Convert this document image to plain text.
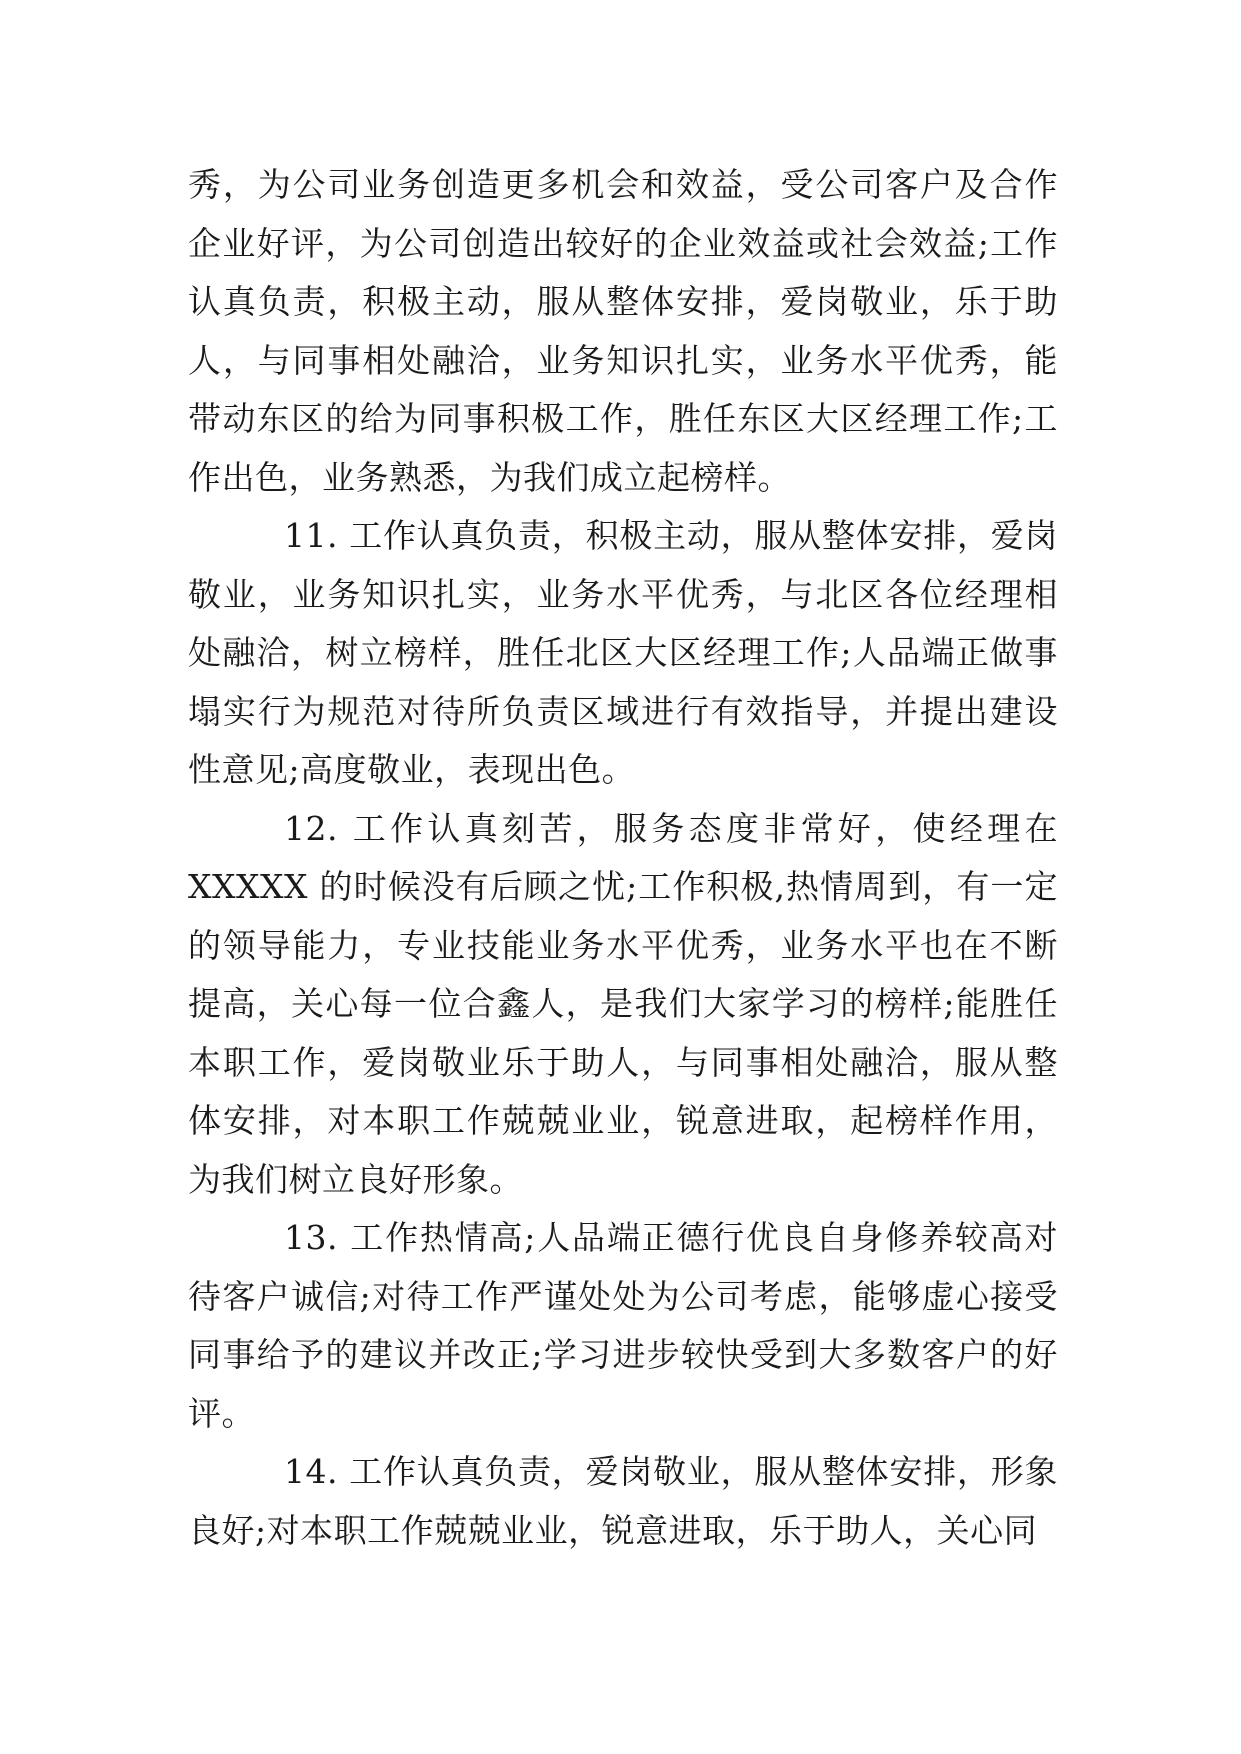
秀，为公司业务创造更多机会和效益，受公司客户及合作企业好评，为公司创造出较好的企业效益或社会效益;工作认真负责，积极主动，服从整体安排，爱岗敬业，乐于助人，与同事相处融洽，业务知识扎实，业务水平优秀，能带动东区的给为同事积极工作，胜任东区大区经理工作;工作出色，业务熟悉，为我们成立起榜样。

11. 工作认真负责，积极主动，服从整体安排，爱岗敬业，业务知识扎实，业务水平优秀，与北区各位经理相处融洽，树立榜样，胜任北区大区经理工作;人品端正做事塌实行为规范对待所负责区域进行有效指导，并提出建设性意见;高度敬业，表现出色。

12. 工作认真刻苦，服务态度非常好，使经理在 XXXXX 的时候没有后顾之忧;工作积极,热情周到，有一定的领导能力，专业技能业务水平优秀，业务水平也在不断提高，关心每一位合鑫人，是我们大家学习的榜样;能胜任本职工作，爱岗敬业乐于助人，与同事相处融洽，服从整体安排，对本职工作兢兢业业，锐意进取，起榜样作用，为我们树立良好形象。

13. 工作热情高;人品端正德行优良自身修养较高对待客户诚信;对待工作严谨处处为公司考虑，能够虚心接受同事给予的建议并改正;学习进步较快受到大多数客户的好评。

14. 工作认真负责，爱岗敬业，服从整体安排，形象良好;对本职工作兢兢业业，锐意进取，乐于助人，关心同
